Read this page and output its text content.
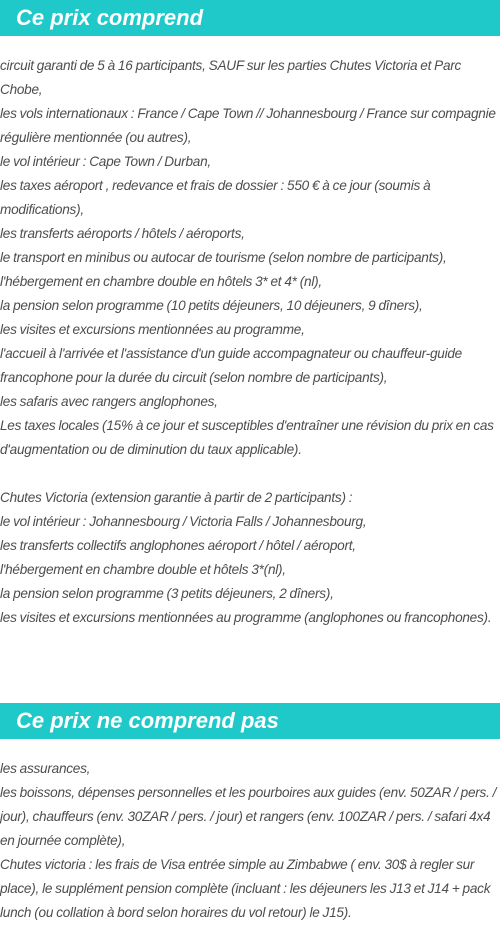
Ce prix comprend
circuit garanti de 5 à 16 participants, SAUF sur les parties Chutes Victoria et Parc Chobe,
les vols internationaux : France / Cape Town // Johannesbourg / France sur compagnie régulière mentionnée (ou autres),
le vol intérieur : Cape Town / Durban,
les taxes aéroport , redevance et frais de dossier : 550 € à ce jour (soumis à modifications),
les transferts aéroports / hôtels / aéroports,
le transport en minibus ou autocar de tourisme (selon nombre de participants),
l'hébergement en chambre double en hôtels 3* et 4* (nl),
la pension selon programme (10 petits déjeuners, 10 déjeuners, 9 dîners),
les visites et excursions mentionnées au programme,
l'accueil à l'arrivée et l'assistance d'un guide accompagnateur ou chauffeur-guide francophone pour la durée du circuit (selon nombre de participants),
les safaris avec rangers anglophones,
Les taxes locales (15% à ce jour et susceptibles d'entraîner une révision du prix en cas d'augmentation ou de diminution du taux applicable).
Chutes Victoria (extension garantie à partir de 2 participants) :
le vol intérieur : Johannesbourg / Victoria Falls / Johannesbourg,
les transferts collectifs anglophones aéroport / hôtel / aéroport,
l'hébergement en chambre double et hôtels 3*(nl),
la pension selon programme (3 petits déjeuners, 2 dîners),
les visites et excursions mentionnées au programme (anglophones ou francophones).
Ce prix ne comprend pas
les assurances,
les boissons, dépenses personnelles et les pourboires aux guides (env. 50ZAR / pers. / jour), chauffeurs (env. 30ZAR / pers. / jour) et rangers (env. 100ZAR / pers. / safari 4x4 en journée complète),
Chutes victoria : les frais de Visa entrée simple au Zimbabwe ( env. 30$ à regler sur place), le supplément pension complète (incluant : les déjeuners les J13 et J14 + pack lunch (ou collation à bord selon horaires du vol retour) le J15).
